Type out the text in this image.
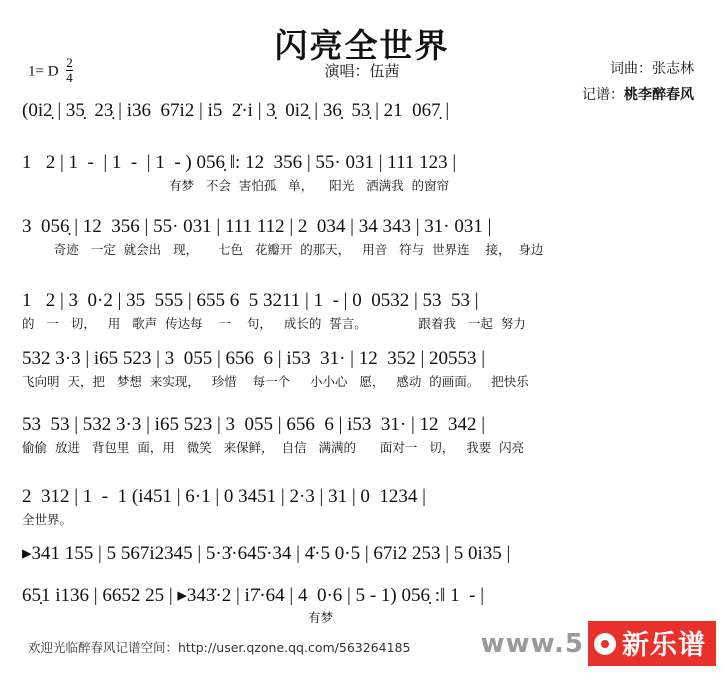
闪亮全世界
1= D $\frac{2}{4}$	演唱：伍茜	词曲：张志林
记谱：桃李醉春风
(0i2̣ | 35̣  23̣ | i36  67i2 | i5  2̇·i | 3̣  0i2̣ | 36̣  53̣ | 21  067̣ |
1   2 | 1  -  | 1  -  | 1  - ) 056̣ ‖: 12  356 | 55· 031 | 111 123 |
有梦   不会  害怕孤   单，    阳光   洒满我  的窗帘
3  056̣ | 12  356 | 55· 031 | 111 112 | 2  034 | 34 343 | 31· 031 |
奇迹   一定  就会出   现，     七色   花瓣开  的那天，   用音   符与  世界连    接，  身边
1   2 | 3  0·2 | 35  555 | 655 6  5 3211 | 1  - | 0  0532 | 53  53 |
的   一   切，   用   歌声  传达每    一    句，   成长的  誓言。             跟着我   一起  努力
532 3·3 | i65 523 | 3  055 | 656  6 | i53  31· | 12  352 | 20553 |
飞向明  天，把   梦想  来实现，   珍惜    每一个     小小心   愿，   感动  的画面。   把快乐
53  53 | 532 3·3 | i65 523 | 3  055 | 656  6 | i53  31· | 12  342 |
偷偷  放进   背包里  面，用   微笑   来保鲜，  自信   满满的      面对一   切，   我要  闪亮
2  312 | 1  -  1 (i451 | 6·1 | 0 3451 | 2·3 | 31 | 0  1234 |
全世界。
▸341 155 | 5 567i2345 | 5·3̇·645̇·34 | 4̇·5 0·5 | 67i2 253 | 5 0i35 |
65̣1 i136 | 6652 25 | ▸343̇·2 | i7̇·64 | 4  0·6 | 5 - 1) 056̣ :‖ 1  - |
有梦
欢迎光临醉春风记谱空间：http://user.qzone.qq.com/563264185	www.5	新乐谱
